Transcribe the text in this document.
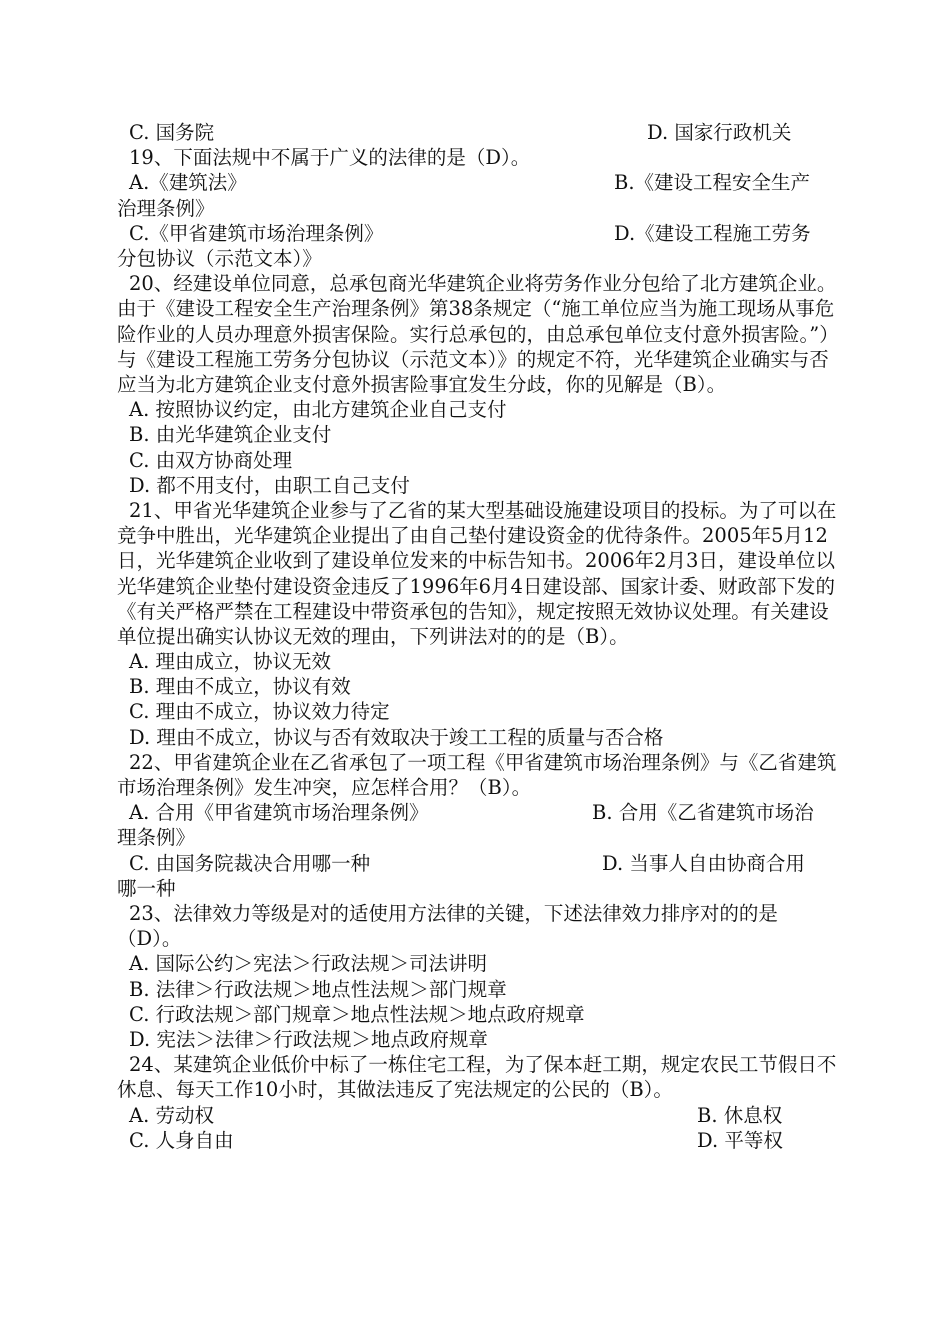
C. 国务院	D. 国家行政机关
19、下面法规中不属于广义的法律的是（D）。
A.《建筑法》	B.《建设工程安全生产
治理条例》
C.《甲省建筑市场治理条例》	D.《建设工程施工劳务
分包协议（示范文本）》
20、经建设单位同意，总承包商光华建筑企业将劳务作业分包给了北方建筑企业。由于《建设工程安全生产治理条例》第38条规定（“施工单位应当为施工现场从事危险作业的人员办理意外损害保险。实行总承包的，由总承包单位支付意外损害险。”）与《建设工程施工劳务分包协议（示范文本）》的规定不符，光华建筑企业确实与否应当为北方建筑企业支付意外损害险事宜发生分歧，你的见解是（B）。
A. 按照协议约定，由北方建筑企业自己支付
B. 由光华建筑企业支付
C. 由双方协商处理
D. 都不用支付，由职工自己支付
21、甲省光华建筑企业参与了乙省的某大型基础设施建设项目的投标。为了可以在竞争中胜出，光华建筑企业提出了由自己垫付建设资金的优待条件。2005年5月12日，光华建筑企业收到了建设单位发来的中标告知书。2006年2月3日，建设单位以光华建筑企业垫付建设资金违反了1996年6月4日建设部、国家计委、财政部下发的《有关严格严禁在工程建设中带资承包的告知》，规定按照无效协议处理。有关建设单位提出确实认协议无效的理由，下列讲法对的的是（B）。
A. 理由成立，协议无效
B. 理由不成立，协议有效
C. 理由不成立，协议效力待定
D. 理由不成立，协议与否有效取决于竣工工程的质量与否合格
22、甲省建筑企业在乙省承包了一项工程《甲省建筑市场治理条例》与《乙省建筑市场治理条例》发生冲突，应怎样合用？（B）。
A. 合用《甲省建筑市场治理条例》	B. 合用《乙省建筑市场治
理条例》
C. 由国务院裁决合用哪一种	D. 当事人自由协商合用
哪一种
23、法律效力等级是对的适使用方法律的关键，下述法律效力排序对的的是（D）。
A. 国际公约＞宪法＞行政法规＞司法讲明
B. 法律＞行政法规＞地点性法规＞部门规章
C. 行政法规＞部门规章＞地点性法规＞地点政府规章
D. 宪法＞法律＞行政法规＞地点政府规章
24、某建筑企业低价中标了一栋住宅工程，为了保本赶工期，规定农民工节假日不休息、每天工作10小时，其做法违反了宪法规定的公民的（B）。
A. 劳动权	B. 休息权
C. 人身自由	D. 平等权
